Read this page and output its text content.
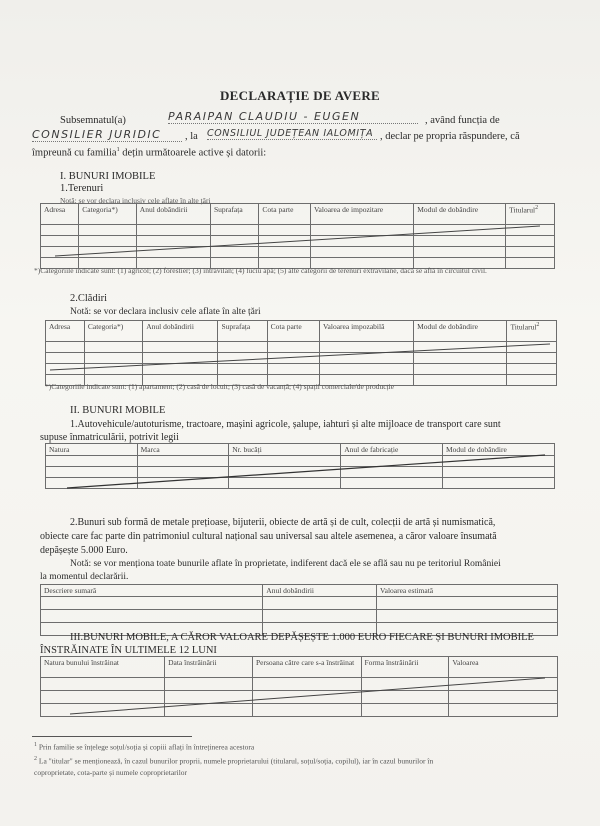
DECLARAȚIE DE AVERE
Subsemnatul(a)	PARAIPAN CLAUDIU - EUGEN	, având funcția de
CONSILIER JURIDIC	, la CONSILIUL JUDEȚEAN IALOMIȚA , declar pe propria răspundere, că
împreună cu familia$^1$ dețin următoarele active și datorii:
I. BUNURI IMOBILE
1.Terenuri
Notă: se vor declara inclusiv cele aflate în alte țări
Adresa	Categoria*)	Anul dobândirii	Suprafața	Cota parte	Valoarea de impozitare	Modul de dobândire	Titularul$^2$

*)Categoriile indicate sunt: (1) agricol; (2) forestier; (3) intravilan; (4) luciu apă; (5) alte categorii de terenuri extravilane, dacă se află în circuitul civil.
2.Clădiri
Notă: se vor declara inclusiv cele aflate în alte țări
Adresa	Categoria*)	Anul dobândirii	Suprafața	Cota parte	Valoarea impozabilă	Modul de dobândire	Titularul$^2$

*)Categoriile indicate sunt: (1) apartament; (2) casă de locuit; (3) casă de vacanță; (4) spații comerciale/de producție
II. BUNURI MOBILE
1.Autovehicule/autoturisme, tractoare, mașini agricole, șalupe, iahturi și alte mijloace de transport care sunt
supuse înmatriculării, potrivit legii
Natura	Marca	Nr. bucăți	Anul de fabricație	Modul de dobândire

2.Bunuri sub formă de metale prețioase, bijuterii, obiecte de artă și de cult, colecții de artă și numismatică,
obiecte care fac parte din patrimoniul cultural național sau universal sau altele asemenea, a căror valoare însumată
depășește 5.000 Euro.
Notă: se vor menționa toate bunurile aflate în proprietate, indiferent dacă ele se află sau nu pe teritoriul României
la momentul declarării.
Descriere sumară	Anul dobândirii	Valoarea estimată

III.BUNURI MOBILE, A CĂROR VALOARE DEPĂȘEȘTE 1.000 EURO FIECARE ȘI BUNURI IMOBILE
ÎNSTRĂINATE ÎN ULTIMELE 12 LUNI
Natura bunului înstrăinat	Data înstrăinării	Persoana către care s-a înstrăinat	Forma înstrăinării	Valoarea

$^1$ Prin familie se înțelege soțul/soția și copiii aflați în întreținerea acestora
$^2$ La "titular" se menționează, în cazul bunurilor proprii, numele proprietarului (titularul, soțul/soția, copilul), iar în cazul bunurilor în
coproprietate, cota-parte și numele coproprietarilor
